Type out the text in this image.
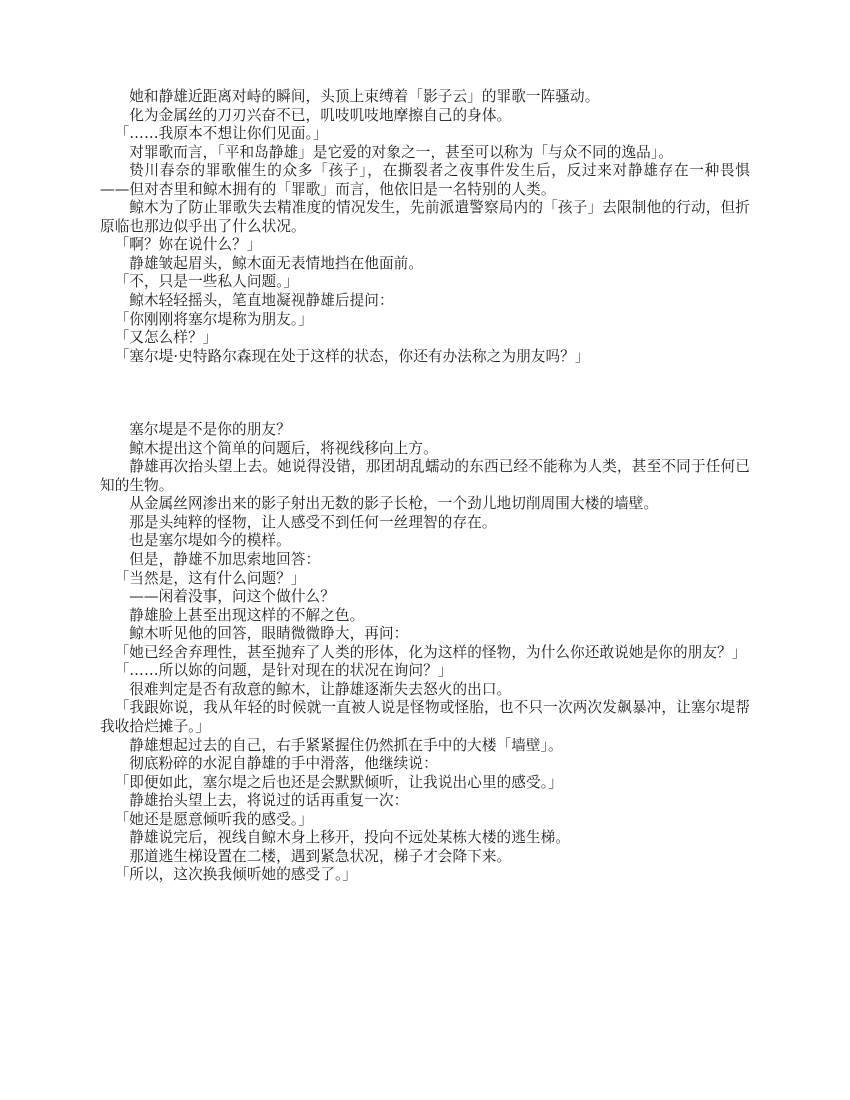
她和静雄近距离对峙的瞬间，头顶上束缚着「影子云」的罪歌一阵骚动。

化为金属丝的刀刃兴奋不已，叽吱叽吱地摩擦自己的身体。

「……我原本不想让你们见面。」

对罪歌而言，「平和岛静雄」是它爱的对象之一，甚至可以称为「与众不同的逸品」。

贽川春奈的罪歌催生的众多「孩子」，在撕裂者之夜事件发生后，反过来对静雄存在一种畏惧——但对杏里和鲸木拥有的「罪歌」而言，他依旧是一名特别的人类。

鲸木为了防止罪歌失去精准度的情况发生，先前派遣警察局内的「孩子」去限制他的行动，但折原临也那边似乎出了什么状况。

「啊？妳在说什么？」

静雄皱起眉头，鲸木面无表情地挡在他面前。

「不，只是一些私人问题。」

鲸木轻轻摇头，笔直地凝视静雄后提问：

「你刚刚将塞尔堤称为朋友。」

「又怎么样？」

「塞尔堤·史特路尔森现在处于这样的状态，你还有办法称之为朋友吗？」

塞尔堤是不是你的朋友？

鲸木提出这个简单的问题后，将视线移向上方。

静雄再次抬头望上去。她说得没错，那团胡乱蠕动的东西已经不能称为人类，甚至不同于任何已知的生物。

从金属丝网渗出来的影子射出无数的影子长枪，一个劲儿地切削周围大楼的墙壁。

那是头纯粹的怪物，让人感受不到任何一丝理智的存在。

也是塞尔堤如今的模样。

但是，静雄不加思索地回答：

「当然是，这有什么问题？」

——闲着没事，问这个做什么？

静雄脸上甚至出现这样的不解之色。

鲸木听见他的回答，眼睛微微睁大，再问：

「她已经舍弃理性，甚至抛弃了人类的形体，化为这样的怪物，为什么你还敢说她是你的朋友？」

「……所以妳的问题，是针对现在的状况在询问？」

很难判定是否有敌意的鲸木，让静雄逐渐失去怒火的出口。

「我跟妳说，我从年轻的时候就一直被人说是怪物或怪胎，也不只一次两次发飙暴冲，让塞尔堤帮我收拾烂摊子。」

静雄想起过去的自己，右手紧紧握住仍然抓在手中的大楼「墙壁」。

彻底粉碎的水泥自静雄的手中滑落，他继续说：

「即便如此，塞尔堤之后也还是会默默倾听，让我说出心里的感受。」

静雄抬头望上去，将说过的话再重复一次：

「她还是愿意倾听我的感受。」

静雄说完后，视线自鲸木身上移开，投向不远处某栋大楼的逃生梯。

那道逃生梯设置在二楼，遇到紧急状况，梯子才会降下来。

「所以，这次换我倾听她的感受了。」
